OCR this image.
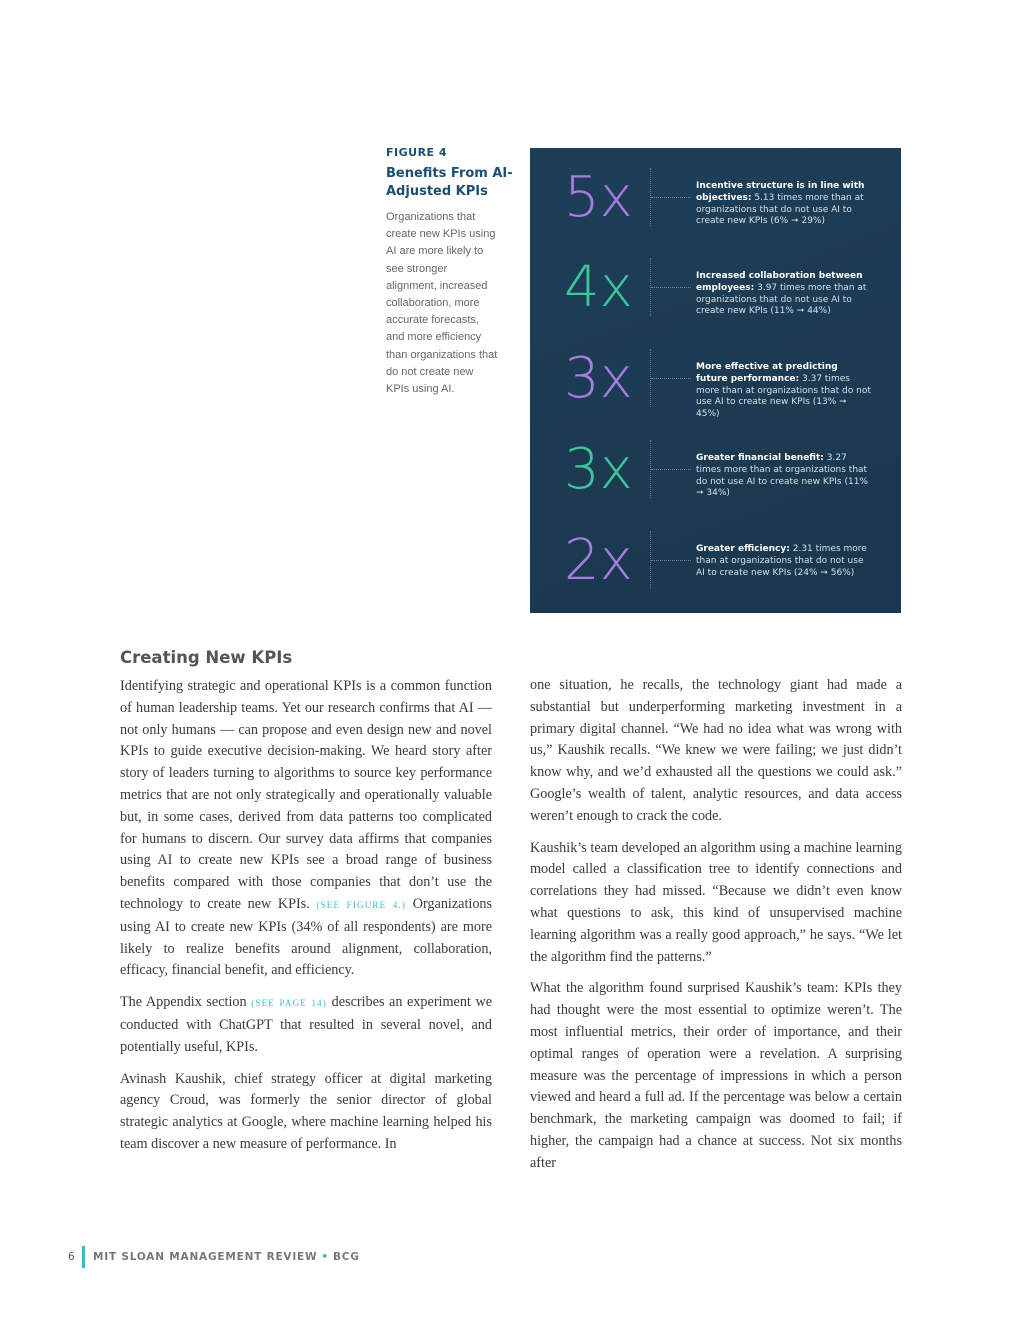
FIGURE 4
Benefits From AI-Adjusted KPIs
Organizations that create new KPIs using AI are more likely to see stronger alignment, increased collaboration, more accurate forecasts, and more efficiency than organizations that do not create new KPIs using AI.
5x	Incentive structure is in line with objectives: 5.13 times more than at organizations that do not use AI to create new KPIs (6% ➞ 29%)
4x	Increased collaboration between employees: 3.97 times more than at organizations that do not use AI to create new KPIs (11% ➞ 44%)
3x	More effective at predicting future performance: 3.37 times more than at organizations that do not use AI to create new KPIs (13% ➞ 45%)
3x	Greater financial benefit: 3.27 times more than at organizations that do not use AI to create new KPIs (11% ➞ 34%)
2x	Greater efficiency: 2.31 times more than at organizations that do not use AI to create new KPIs (24% ➞ 56%)
Creating New KPIs

Identifying strategic and operational KPIs is a common function of human leadership teams. Yet our research confirms that AI — not only humans — can propose and even design new and novel KPIs to guide executive decision-making. We heard story after story of leaders turning to algorithms to source key performance metrics that are not only strategically and operationally valuable but, in some cases, derived from data patterns too complicated for humans to discern. Our survey data affirms that companies using AI to create new KPIs see a broad range of business benefits compared with those companies that don’t use the technology to create new KPIs. (SEE FIGURE 4.) Organizations using AI to create new KPIs (34% of all respondents) are more likely to realize benefits around alignment, collaboration, efficacy, financial benefit, and efficiency.

The Appendix section (SEE PAGE 14) describes an experiment we conducted with ChatGPT that resulted in several novel, and potentially useful, KPIs.

Avinash Kaushik, chief strategy officer at digital marketing agency Croud, was formerly the senior director of global strategic analytics at Google, where machine learning helped his team discover a new measure of performance. In

one situation, he recalls, the technology giant had made a substantial but underperforming marketing investment in a primary digital channel. “We had no idea what was wrong with us,” Kaushik recalls. “We knew we were failing; we just didn’t know why, and we’d exhausted all the questions we could ask.” Google’s wealth of talent, analytic resources, and data access weren’t enough to crack the code.

Kaushik’s team developed an algorithm using a machine learning model called a classification tree to identify connections and correlations they had missed. “Because we didn’t even know what questions to ask, this kind of unsupervised machine learning algorithm was a really good approach,” he says. “We let the algorithm find the patterns.”

What the algorithm found surprised Kaushik’s team: KPIs they had thought were the most essential to optimize weren’t. The most influential metrics, their order of importance, and their optimal ranges of operation were a revelation. A surprising measure was the percentage of impressions in which a person viewed and heard a full ad. If the percentage was below a certain benchmark, the marketing campaign was doomed to fail; if higher, the campaign had a chance at success. Not six months after

6	MIT SLOAN MANAGEMENT REVIEW • BCG
